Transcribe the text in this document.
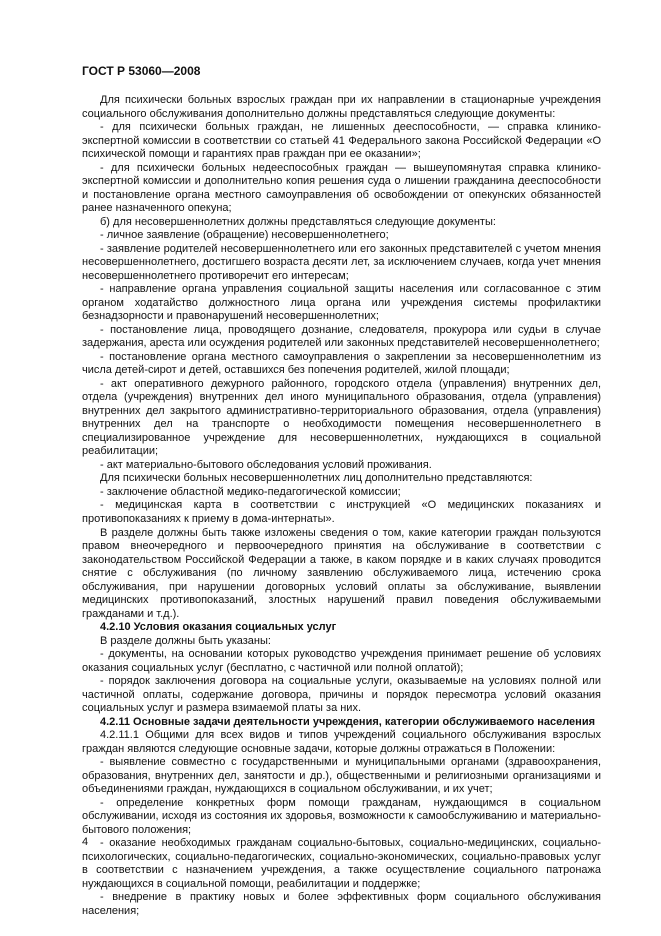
ГОСТ Р 53060—2008

Для психически больных взрослых граждан при их направлении в стационарные учреждения социального обслуживания дополнительно должны представляться следующие документы:

- для психически больных граждан, не лишенных дееспособности, — справка клинико-экспертной комиссии в соответствии со статьей 41 Федерального закона Российской Федерации «О психической помощи и гарантиях прав граждан при ее оказании»;

- для психически больных недееспособных граждан — вышеупомянутая справка клинико-экспертной комиссии и дополнительно копия решения суда о лишении гражданина дееспособности и постановление органа местного самоуправления об освобождении от опекунских обязанностей ранее назначенного опекуна;

б) для несовершеннолетних должны представляться следующие документы:

- личное заявление (обращение) несовершеннолетнего;

- заявление родителей несовершеннолетнего или его законных представителей с учетом мнения несовершеннолетнего, достигшего возраста десяти лет, за исключением случаев, когда учет мнения несовершеннолетнего противоречит его интересам;

- направление органа управления социальной защиты населения или согласованное с этим органом ходатайство должностного лица органа или учреждения системы профилактики безнадзорности и правонарушений несовершеннолетних;

- постановление лица, проводящего дознание, следователя, прокурора или судьи в случае задержания, ареста или осуждения родителей или законных представителей несовершеннолетнего;

- постановление органа местного самоуправления о закреплении за несовершеннолетним из числа детей-сирот и детей, оставшихся без попечения родителей, жилой площади;

- акт оперативного дежурного районного, городского отдела (управления) внутренних дел, отдела (учреждения) внутренних дел иного муниципального образования, отдела (управления) внутренних дел закрытого административно-территориального образования, отдела (управления) внутренних дел на транспорте о необходимости помещения несовершеннолетнего в специализированное учреждение для несовершеннолетних, нуждающихся в социальной реабилитации;

- акт материально-бытового обследования условий проживания.

Для психически больных несовершеннолетних лиц дополнительно представляются:

- заключение областной медико-педагогической комиссии;

- медицинская карта в соответствии с инструкцией «О медицинских показаниях и противопоказаниях к приему в дома-интернаты».

В разделе должны быть также изложены сведения о том, какие категории граждан пользуются правом внеочередного и первоочередного принятия на обслуживание в соответствии с законодательством Российской Федерации а также, в каком порядке и в каких случаях проводится снятие с обслуживания (по личному заявлению обслуживаемого лица, истечению срока обслуживания, при нарушении договорных условий оплаты за обслуживание, выявлении медицинских противопоказаний, злостных нарушений правил поведения обслуживаемыми гражданами и т.д.).

4.2.10 Условия оказания социальных услуг

В разделе должны быть указаны:

- документы, на основании которых руководство учреждения принимает решение об условиях оказания социальных услуг (бесплатно, с частичной или полной оплатой);

- порядок заключения договора на социальные услуги, оказываемые на условиях полной или частичной оплаты, содержание договора, причины и порядок пересмотра условий оказания социальных услуг и размера взимаемой платы за них.

4.2.11 Основные задачи деятельности учреждения, категории обслуживаемого населения

4.2.11.1 Общими для всех видов и типов учреждений социального обслуживания взрослых граждан являются следующие основные задачи, которые должны отражаться в Положении:

- выявление совместно с государственными и муниципальными органами (здравоохранения, образования, внутренних дел, занятости и др.), общественными и религиозными организациями и объединениями граждан, нуждающихся в социальном обслуживании, и их учет;

- определение конкретных форм помощи гражданам, нуждающимся в социальном обслуживании, исходя из состояния их здоровья, возможности к самообслуживанию и материально-бытового положения;

- оказание необходимых гражданам социально-бытовых, социально-медицинских, социально-психологических, социально-педагогических, социально-экономических, социально-правовых услуг в соответствии с назначением учреждения, а также осуществление социального патронажа нуждающихся в социальной помощи, реабилитации и поддержке;

- внедрение в практику новых и более эффективных форм социального обслуживания населения;

4
